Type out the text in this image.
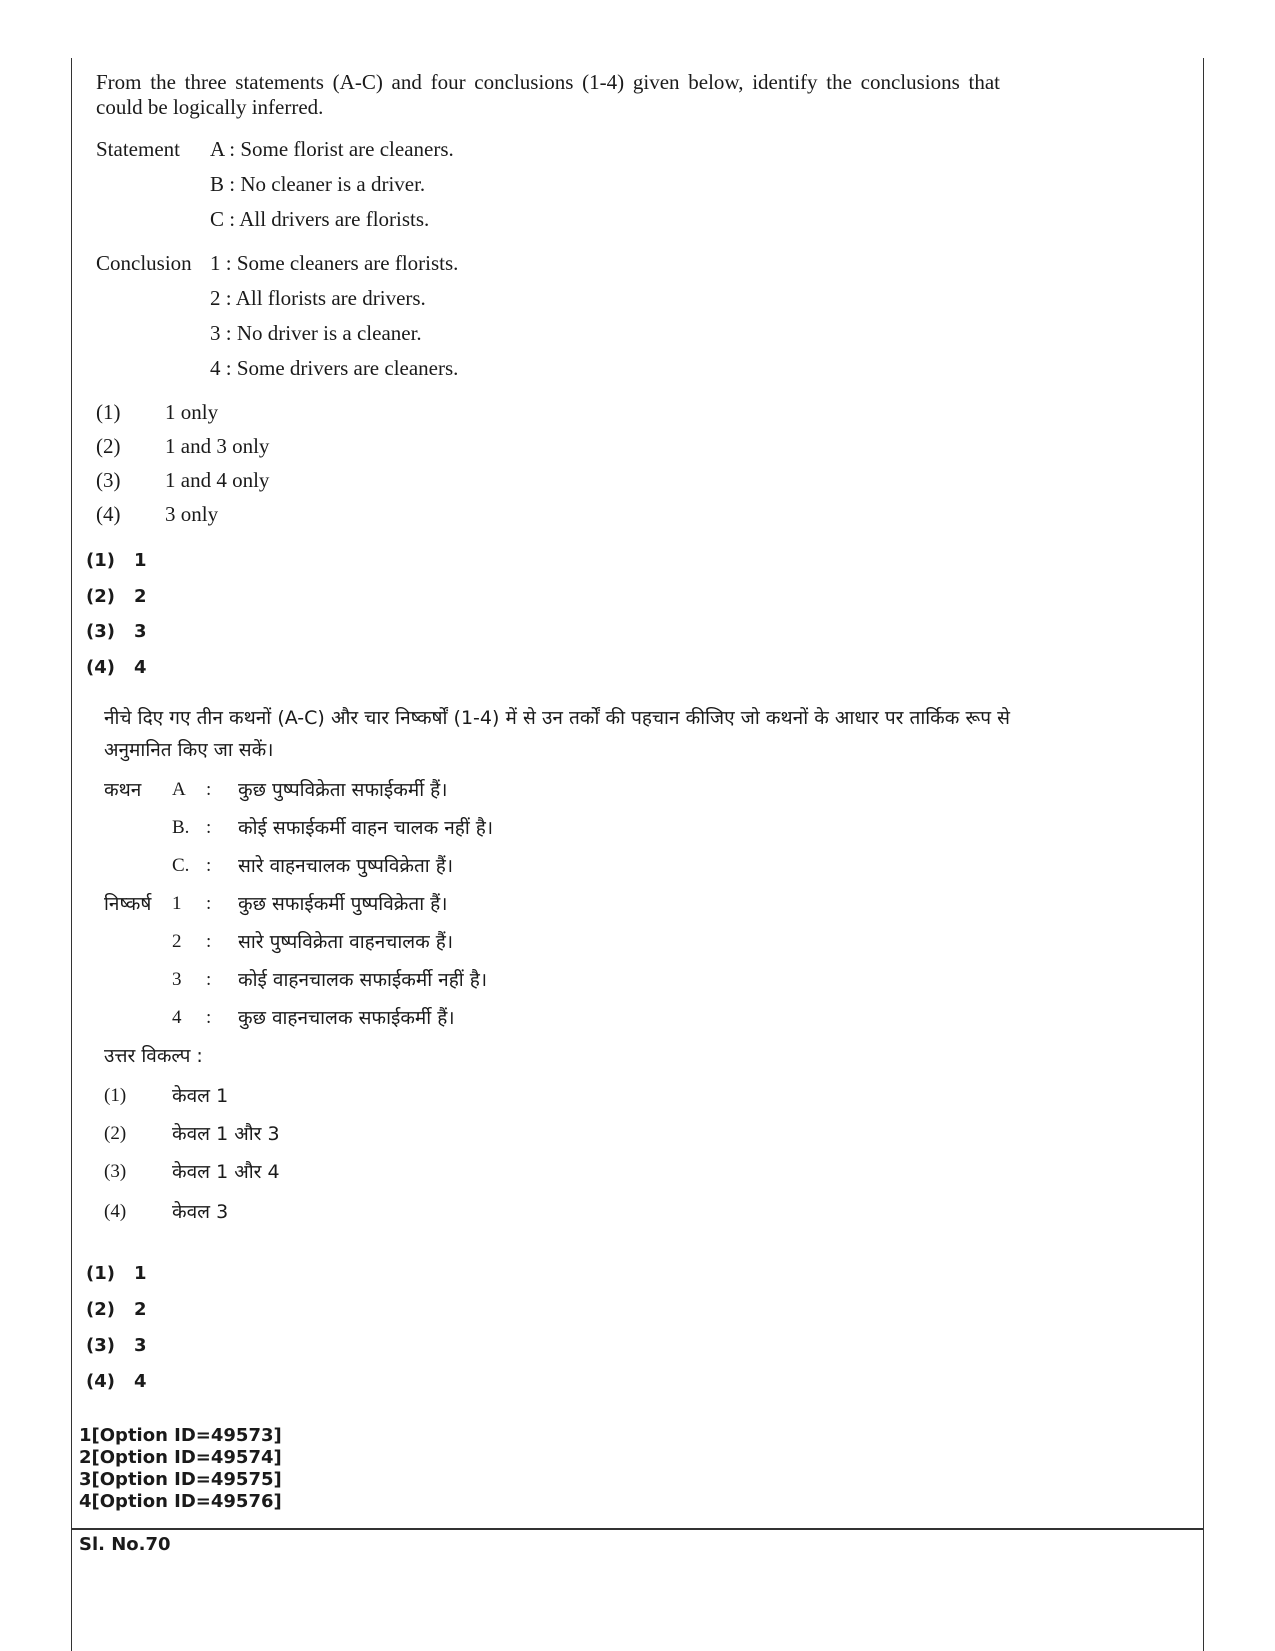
From the three statements (A-C) and four conclusions (1-4) given below, identify the conclusions that could be logically inferred.
Statement A : Some florist are cleaners.
B : No cleaner is a driver.
C : All drivers are florists.
Conclusion 1 : Some cleaners are florists.
2 : All florists are drivers.
3 : No driver is a cleaner.
4 : Some drivers are cleaners.
(1) 1 only
(2) 1 and 3 only
(3) 1 and 4 only
(4) 3 only
(1) 1
(2) 2
(3) 3
(4) 4
नीचे दिए गए तीन कथनों (A-C) और चार निष्कर्षों (1-4) में से उन तर्कों की पहचान कीजिए जो कथनों के आधार पर तार्किक रूप से अनुमानित किए जा सकें।
कथन A : कुछ पुष्पविक्रेता सफाईकर्मी हैं।
B. : कोई सफाईकर्मी वाहन चालक नहीं है।
C. : सारे वाहनचालक पुष्पविक्रेता हैं।
निष्कर्ष 1 : कुछ सफाईकर्मी पुष्पविक्रेता हैं।
2 : सारे पुष्पविक्रेता वाहनचालक हैं।
3 : कोई वाहनचालक सफाईकर्मी नहीं है।
4 : कुछ वाहनचालक सफाईकर्मी हैं।
उत्तर विकल्प :
(1) केवल 1
(2) केवल 1 और 3
(3) केवल 1 और 4
(4) केवल 3
(1) 1
(2) 2
(3) 3
(4) 4
1[Option ID=49573]
2[Option ID=49574]
3[Option ID=49575]
4[Option ID=49576]
Sl. No.70
